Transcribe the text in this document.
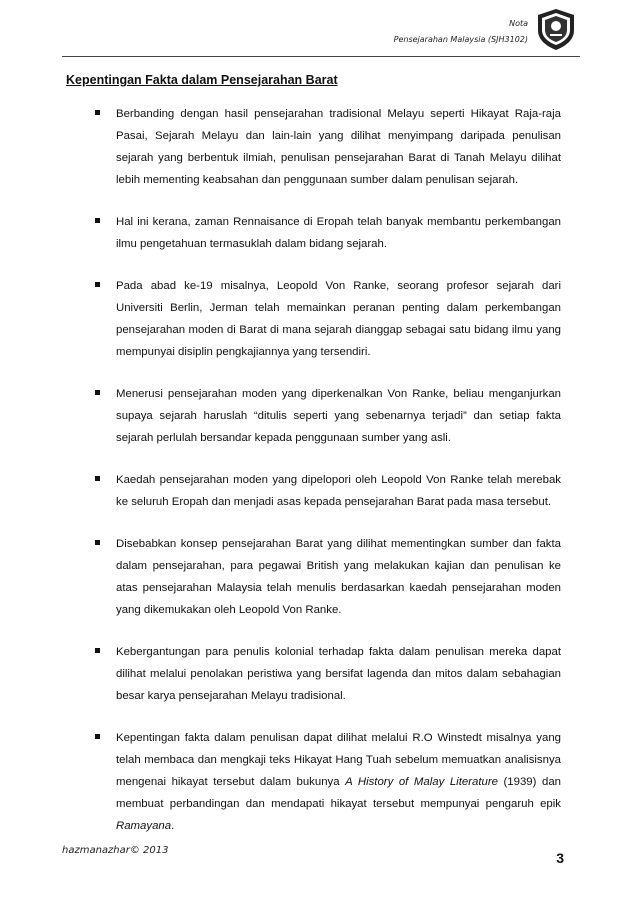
Nota
Pensejarahan Malaysia (SJH3102)
Kepentingan Fakta dalam Pensejarahan Barat
Berbanding dengan hasil pensejarahan tradisional Melayu seperti Hikayat Raja-raja Pasai, Sejarah Melayu dan lain-lain yang dilihat menyimpang daripada penulisan sejarah yang berbentuk ilmiah, penulisan pensejarahan Barat di Tanah Melayu dilihat lebih mementing keabsahan dan penggunaan sumber dalam penulisan sejarah.
Hal ini kerana, zaman Rennaisance di Eropah telah banyak membantu perkembangan ilmu pengetahuan termasuklah dalam bidang sejarah.
Pada abad ke-19 misalnya, Leopold Von Ranke, seorang profesor sejarah dari Universiti Berlin, Jerman telah memainkan peranan penting dalam perkembangan pensejarahan moden di Barat di mana sejarah dianggap sebagai satu bidang ilmu yang mempunyai disiplin pengkajiannya yang tersendiri.
Menerusi pensejarahan moden yang diperkenalkan Von Ranke, beliau menganjurkan supaya sejarah haruslah “ditulis seperti yang sebenarnya terjadi” dan setiap fakta sejarah perlulah bersandar kepada penggunaan sumber yang asli.
Kaedah pensejarahan moden yang dipelopori oleh Leopold Von Ranke telah merebak ke seluruh Eropah dan menjadi asas kepada pensejarahan Barat pada masa tersebut.
Disebabkan konsep pensejarahan Barat yang dilihat mementingkan sumber dan fakta dalam pensejarahan, para pegawai British yang melakukan kajian dan penulisan ke atas pensejarahan Malaysia telah menulis berdasarkan kaedah pensejarahan moden yang dikemukakan oleh Leopold Von Ranke.
Kebergantungan para penulis kolonial terhadap fakta dalam penulisan mereka dapat dilihat melalui penolakan peristiwa yang bersifat lagenda dan mitos dalam sebahagian besar karya pensejarahan Melayu tradisional.
Kepentingan fakta dalam penulisan dapat dilihat melalui R.O Winstedt misalnya yang telah membaca dan mengkaji teks Hikayat Hang Tuah sebelum memuatkan analisisnya mengenai hikayat tersebut dalam bukunya A History of Malay Literature (1939) dan membuat perbandingan dan mendapati hikayat tersebut mempunyai pengaruh epik Ramayana.
hazmanazhar© 2013	3
